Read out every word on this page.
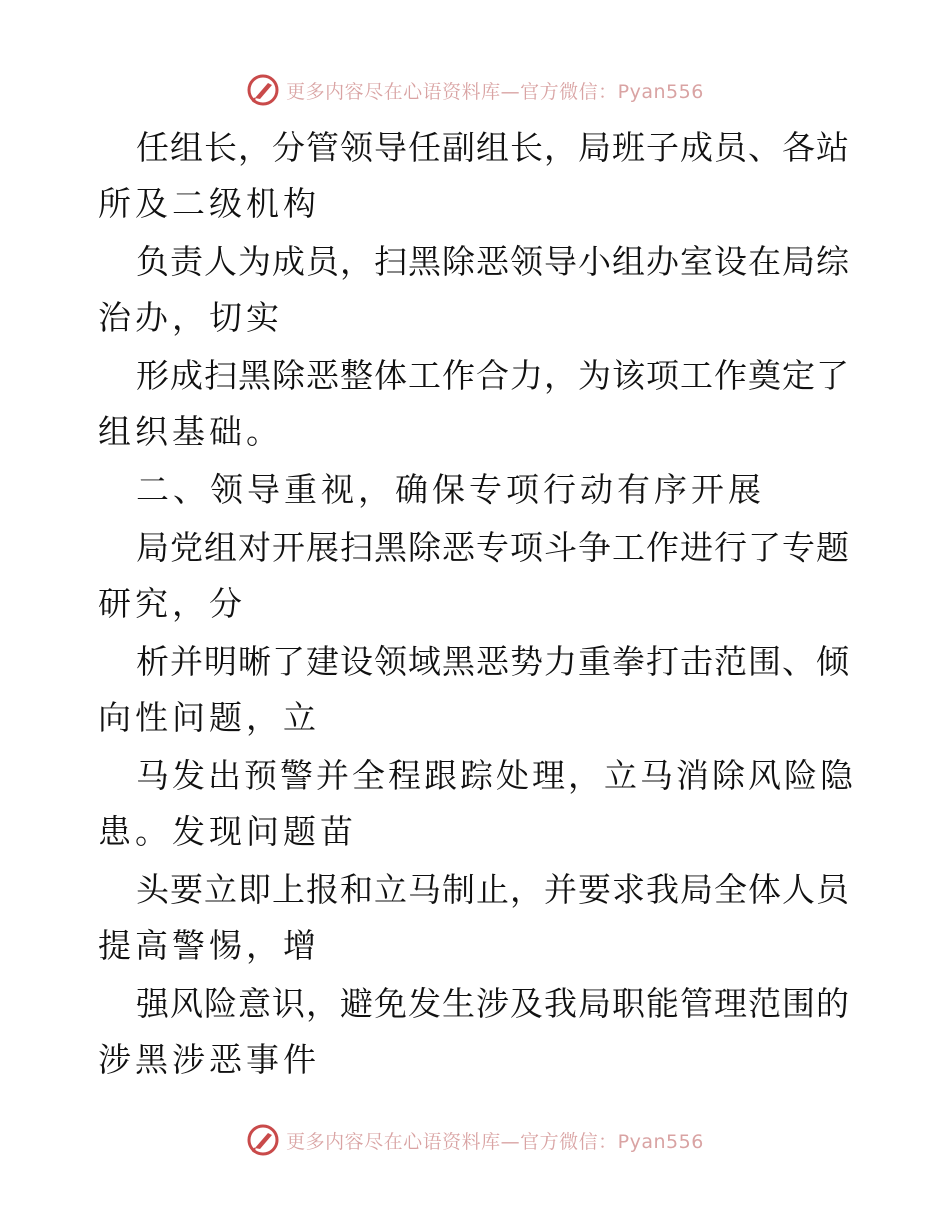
更多内容尽在心语资料库—官方微信：Pyan556
任组长，分管领导任副组长，局班子成员、各站
所及二级机构
负责人为成员，扫黑除恶领导小组办室设在局综
治办，切实
形成扫黑除恶整体工作合力，为该项工作奠定了
组织基础。
二、领导重视，确保专项行动有序开展
局党组对开展扫黑除恶专项斗争工作进行了专题
研究，分
析并明晰了建设领域黑恶势力重拳打击范围、倾
向性问题，立
马发出预警并全程跟踪处理，立马消除风险隐
患。发现问题苗
头要立即上报和立马制止，并要求我局全体人员
提高警惕，增
强风险意识，避免发生涉及我局职能管理范围的
涉黑涉恶事件
更多内容尽在心语资料库—官方微信：Pyan556
